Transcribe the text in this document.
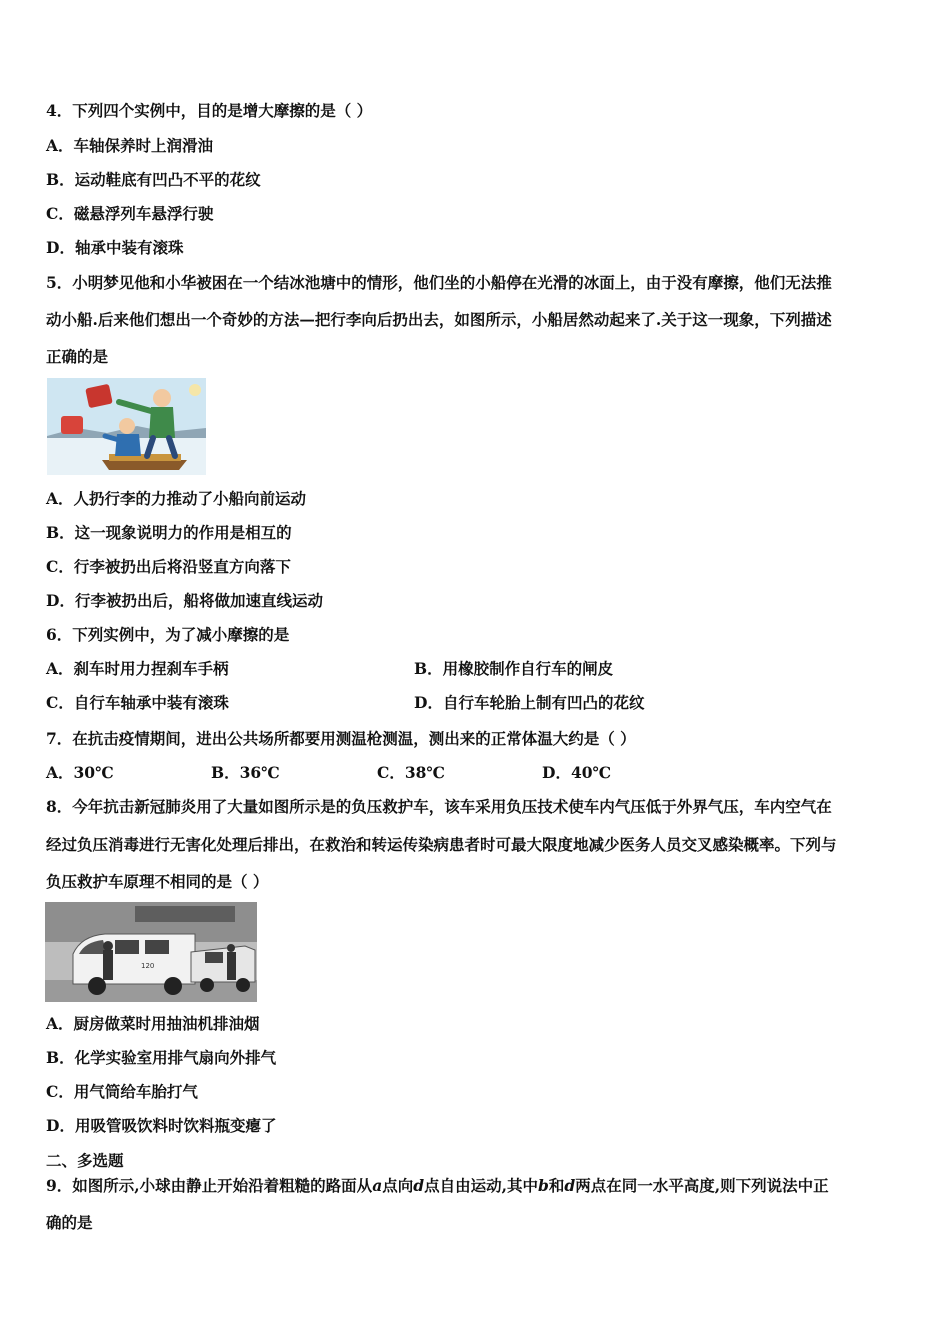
4．下列四个实例中，目的是增大摩擦的是（ ）
A．车轴保养时上润滑油
B．运动鞋底有凹凸不平的花纹
C．磁悬浮列车悬浮行驶
D．轴承中装有滚珠
5．小明梦见他和小华被困在一个结冰池塘中的情形，他们坐的小船停在光滑的冰面上，由于没有摩擦，他们无法推
动小船.后来他们想出一个奇妙的方法—把行李向后扔出去，如图所示，小船居然动起来了.关于这一现象，下列描述
正确的是
A．人扔行李的力推动了小船向前运动
B．这一现象说明力的作用是相互的
C．行李被扔出后将沿竖直方向落下
D．行李被扔出后，船将做加速直线运动
6．下列实例中，为了减小摩擦的是
A．刹车时用力捏刹车手柄	B．用橡胶制作自行车的闸皮
C．自行车轴承中装有滚珠	D．自行车轮胎上制有凹凸的花纹
7．在抗击疫情期间，进出公共场所都要用测温枪测温，测出来的正常体温大约是（ ）
A．30℃	B．36℃	C．38℃	D．40℃
8．今年抗击新冠肺炎用了大量如图所示是的负压救护车，该车采用负压技术使车内气压低于外界气压，车内空气在
经过负压消毒进行无害化处理后排出，在救治和转运传染病患者时可最大限度地减少医务人员交叉感染概率。下列与
负压救护车原理不相同的是（ ）
120
A．厨房做菜时用抽油机排油烟
B．化学实验室用排气扇向外排气
C．用气筒给车胎打气
D．用吸管吸饮料时饮料瓶变瘪了
二、多选题
9．如图所示,小球由静止开始沿着粗糙的路面从a点向d点自由运动,其中b和d两点在同一水平高度,则下列说法中正
确的是
